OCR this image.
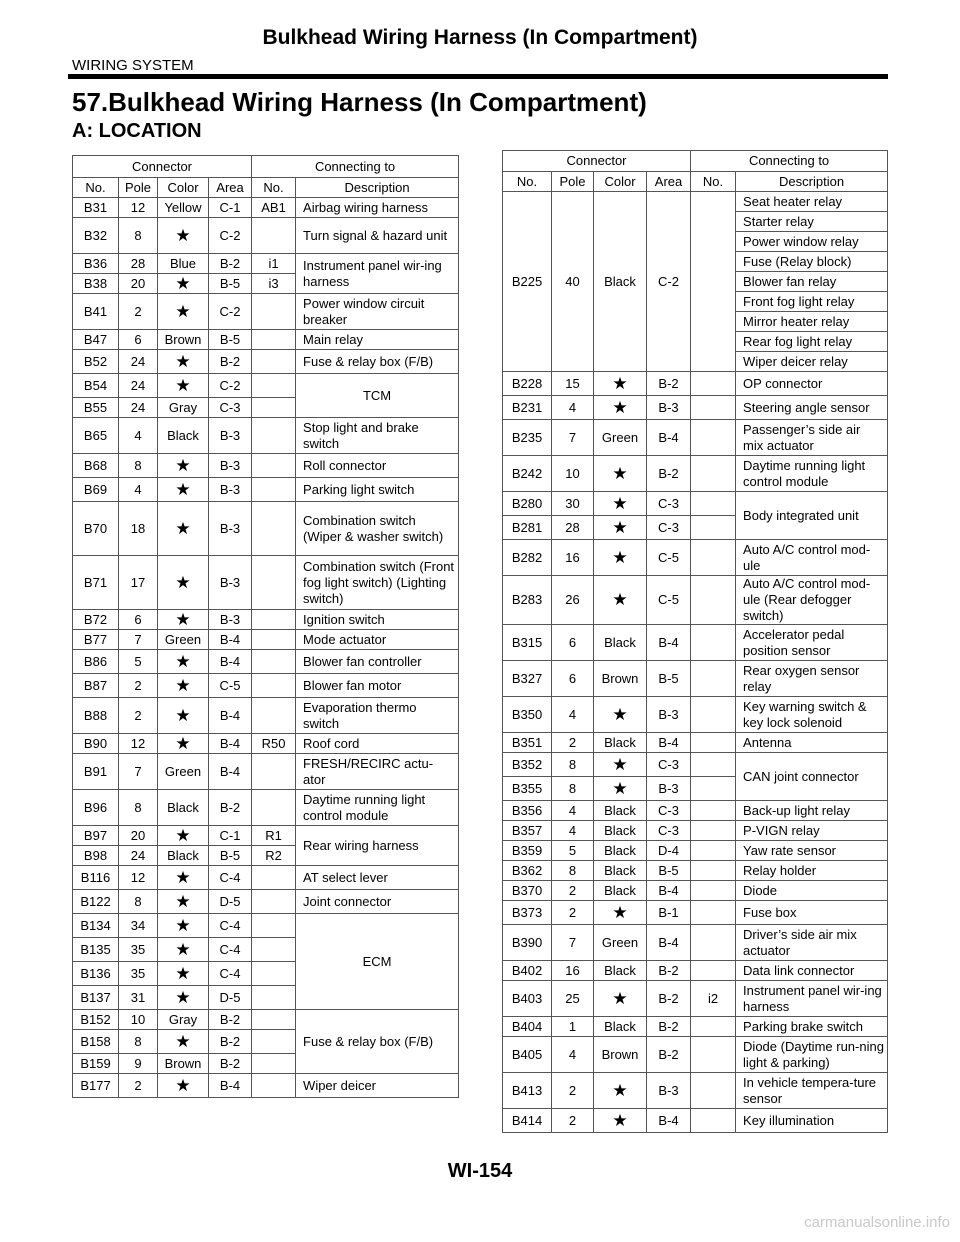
Bulkhead Wiring Harness (In Compartment)
WIRING SYSTEM
57.Bulkhead Wiring Harness (In Compartment)
A: LOCATION
Connector				Connecting to	
No.	Pole	Color	Area	No.	Description
B31	12	Yellow	C-1	AB1	Airbag wiring harness
B32	8	★	C-2		Turn signal & hazard unit
B36	28	Blue	B-2	i1	Instrument panel wir-ing harness
B38	20	★	B-5	i3	
B41	2	★	C-2		Power window circuit breaker
B47	6	Brown	B-5		Main relay
B52	24	★	B-2		Fuse & relay box (F/B)
B54	24	★	C-2		TCM
B55	24	Gray	C-3		
B65	4	Black	B-3		Stop light and brake switch
B68	8	★	B-3		Roll connector
B69	4	★	B-3		Parking light switch
B70	18	★	B-3		Combination switch (Wiper & washer switch)
B71	17	★	B-3		Combination switch (Front fog light switch) (Lighting switch)
B72	6	★	B-3		Ignition switch
B77	7	Green	B-4		Mode actuator
B86	5	★	B-4		Blower fan controller
B87	2	★	C-5		Blower fan motor
B88	2	★	B-4		Evaporation thermo switch
B90	12	★	B-4	R50	Roof cord
B91	7	Green	B-4		FRESH/RECIRC actu-ator
B96	8	Black	B-2		Daytime running light control module
B97	20	★	C-1	R1	Rear wiring harness
B98	24	Black	B-5	R2	
B116	12	★	C-4		AT select lever
B122	8	★	D-5		Joint connector
B134	34	★	C-4		ECM
B135	35	★	C-4		
B136	35	★	C-4		
B137	31	★	D-5		
B152	10	Gray	B-2		Fuse & relay box (F/B)
B158	8	★	B-2		
B159	9	Brown	B-2		
B177	2	★	B-4		Wiper deicer
Connector				Connecting to	
No.	Pole	Color	Area	No.	Description
B225	40	Black	C-2		Seat heater relay
					Starter relay
					Power window relay
					Fuse (Relay block)
					Blower fan relay
					Front fog light relay
					Mirror heater relay
					Rear fog light relay
					Wiper deicer relay
B228	15	★	B-2		OP connector
B231	4	★	B-3		Steering angle sensor
B235	7	Green	B-4		Passenger’s side air mix actuator
B242	10	★	B-2		Daytime running light control module
B280	30	★	C-3		Body integrated unit
B281	28	★	C-3		
B282	16	★	C-5		Auto A/C control mod-ule
B283	26	★	C-5		Auto A/C control mod-ule (Rear defogger switch)
B315	6	Black	B-4		Accelerator pedal position sensor
B327	6	Brown	B-5		Rear oxygen sensor relay
B350	4	★	B-3		Key warning switch & key lock solenoid
B351	2	Black	B-4		Antenna
B352	8	★	C-3		CAN joint connector
B355	8	★	B-3		
B356	4	Black	C-3		Back-up light relay
B357	4	Black	C-3		P-VIGN relay
B359	5	Black	D-4		Yaw rate sensor
B362	8	Black	B-5		Relay holder
B370	2	Black	B-4		Diode
B373	2	★	B-1		Fuse box
B390	7	Green	B-4		Driver’s side air mix actuator
B402	16	Black	B-2		Data link connector
B403	25	★	B-2	i2	Instrument panel wir-ing harness
B404	1	Black	B-2		Parking brake switch
B405	4	Brown	B-2		Diode (Daytime run-ning light & parking)
B413	2	★	B-3		In vehicle tempera-ture sensor
B414	2	★	B-4		Key illumination
WI-154
carmanualsonline.info
